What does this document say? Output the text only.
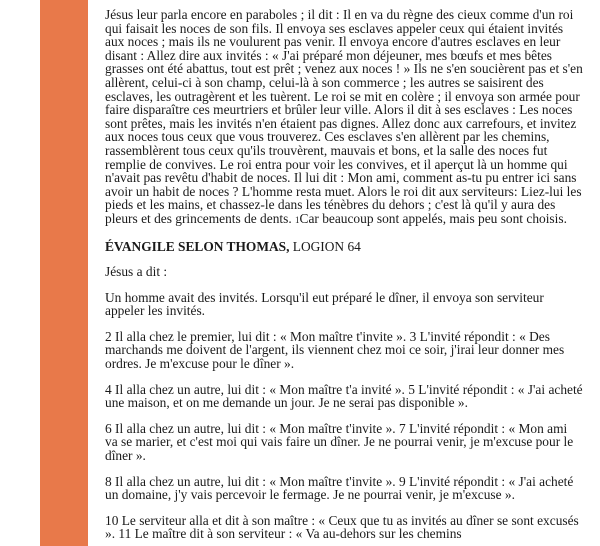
Jésus leur parla encore en paraboles ; il dit : Il en va du règne des cieux comme d'un roi qui faisait les noces de son fils. Il envoya ses esclaves appeler ceux qui étaient invités aux noces ; mais ils ne voulurent pas venir. Il envoya encore d'autres esclaves en leur disant : Allez dire aux invités : « J'ai préparé mon déjeuner, mes bœufs et mes bêtes grasses ont été abattus, tout est prêt ; venez aux noces ! » Ils ne s'en soucièrent pas et s'en allèrent, celui-ci à son champ, celui-là à son commerce ; les autres se saisirent des esclaves, les outragèrent et les tuèrent. Le roi se mit en colère ; il envoya son armée pour faire disparaître ces meurtriers et brûler leur ville. Alors il dit à ses esclaves : Les noces sont prêtes, mais les invités n'en étaient pas dignes. Allez donc aux carrefours, et invitez aux noces tous ceux que vous trouverez. Ces esclaves s'en allèrent par les chemins, rassemblèrent tous ceux qu'ils trouvèrent, mauvais et bons, et la salle des noces fut remplie de convives. Le roi entra pour voir les convives, et il aperçut là un homme qui n'avait pas revêtu d'habit de noces. Il lui dit : Mon ami, comment as-tu pu entrer ici sans avoir un habit de noces ? L'homme resta muet. Alors le roi dit aux serviteurs: Liez-lui les pieds et les mains, et chassez-le dans les ténèbres du dehors ; c'est là qu'il y aura des pleurs et des grincements de dents. 1Car beaucoup sont appelés, mais peu sont choisis.

ÉVANGILE SELON THOMAS, LOGION 64

Jésus a dit :

Un homme avait des invités. Lorsqu'il eut préparé le dîner, il envoya son serviteur appeler les invités.

2 Il alla chez le premier, lui dit : « Mon maître t'invite ». 3 L'invité répondit : « Des marchands me doivent de l'argent, ils viennent chez moi ce soir, j'irai leur donner mes ordres. Je m'excuse pour le dîner ».

4 Il alla chez un autre, lui dit : « Mon maître t'a invité ». 5 L'invité répondit : « J'ai acheté une maison, et on me demande un jour. Je ne serai pas disponible ».

6 Il alla chez un autre, lui dit : « Mon maître t'invite ». 7 L'invité répondit : « Mon ami va se marier, et c'est moi qui vais faire un dîner. Je ne pourrai venir, je m'excuse pour le dîner ».

8 Il alla chez un autre, lui dit : « Mon maître t'invite ». 9 L'invité répondit : « J'ai acheté un domaine, j'y vais percevoir le fermage. Je ne pourrai venir, je m'excuse ».

10 Le serviteur alla et dit à son maître : « Ceux que tu as invités au dîner se sont excusés ». 11 Le maître dit à son serviteur : « Va au-dehors sur les chemins
